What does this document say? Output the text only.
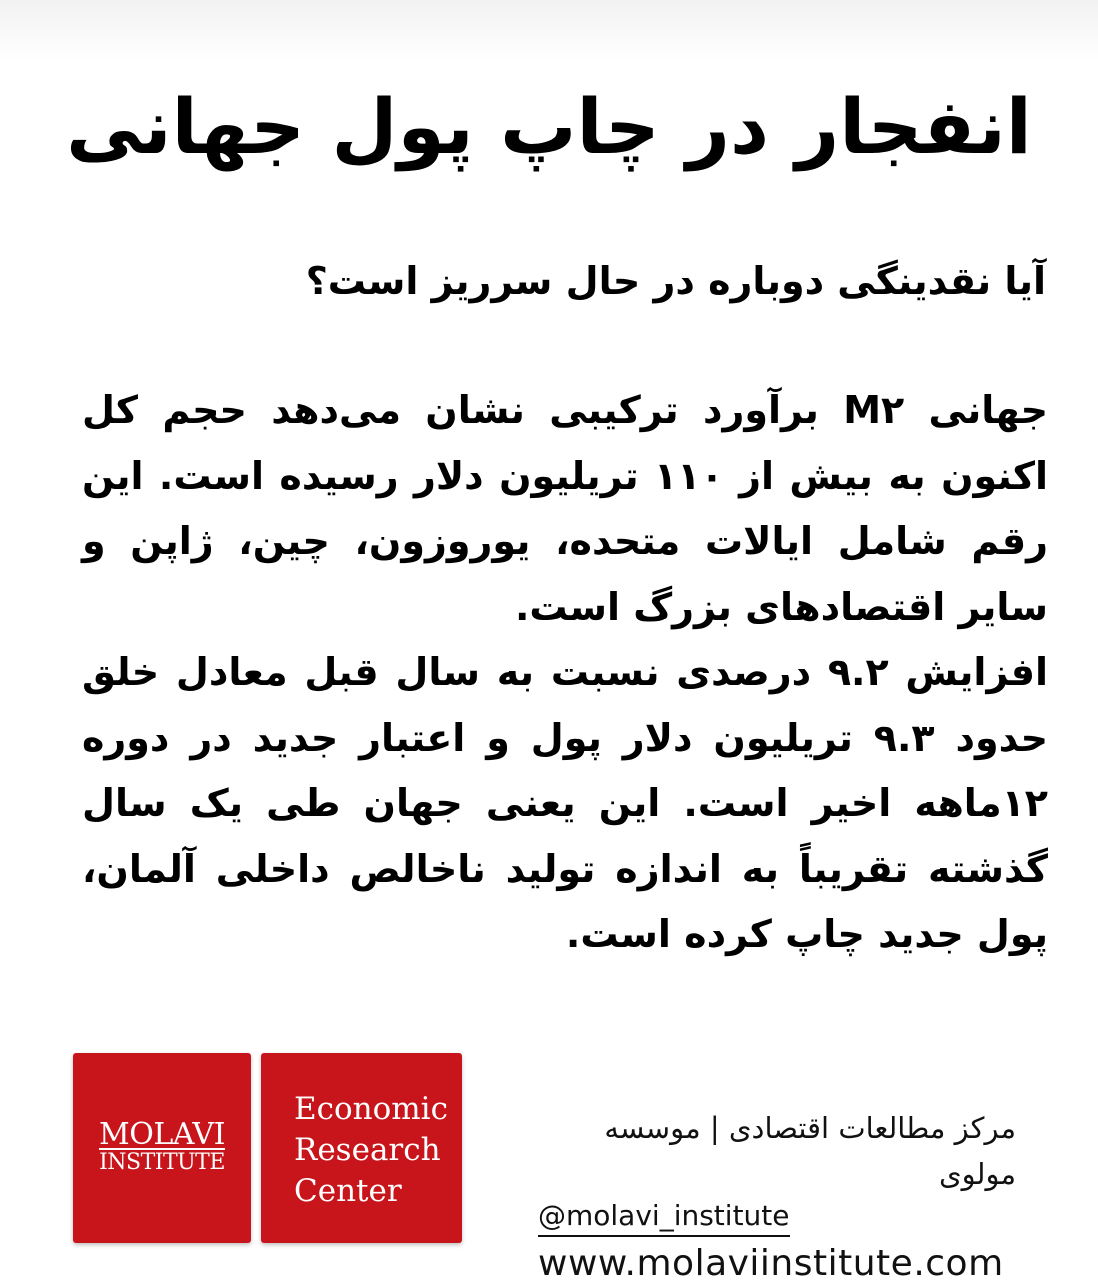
انفجار در چاپ پول جهانی
آیا نقدینگی دوباره در حال سرریز است؟

جهانی M۲ برآورد ترکیبی نشان می‌دهد حجم کل اکنون به بیش از ۱۱۰ تریلیون دلار رسیده است. این رقم شامل ایالات متحده، یوروزون، چین، ژاپن و سایر اقتصادهای بزرگ است.

افزایش ۹.۲ درصدی نسبت به سال قبل معادل خلق حدود ۹.۳ تریلیون دلار پول و اعتبار جدید در دوره ۱۲ماهه اخیر است. این یعنی جهان طی یک سال گذشته تقریباً به اندازه تولید ناخالص داخلی آلمان، پول جدید چاپ کرده است.

MOLAVI
INSTITUTE
Economic
Research
Center
مرکز مطالعات اقتصادی | موسسه مولوی
@molavi_institute
www.molaviinstitute.com
